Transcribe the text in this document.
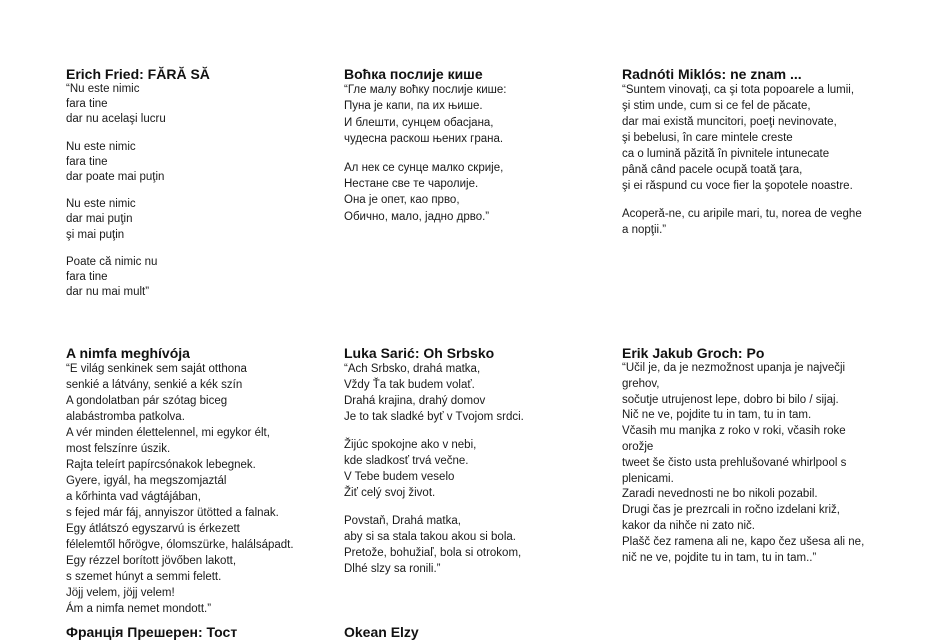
Erich Fried: FĂRĂ SĂ
“Nu este nimic
fara tine
dar nu acelaşi lucru
Nu este nimic
fara tine
dar poate mai puţin
Nu este nimic
dar mai puţin
şi mai puţin
Poate că nimic nu
fara tine
dar nu mai mult”
Воћка послије кише
“Гле малу воћку послије кише:
Пуна је капи, па их њише.
И блешти, сунцем обасјана,
чудесна раскош њених грана.
Ал нек се сунце малко скрије,
Нестане све те чаролије.
Она је опет, као прво,
Обично, мало, јадно дрво.”
Radnóti Miklós: ne znam ...
“Suntem vinovaţi, ca şi tota popoarele a lumii,
şi stim unde, cum si ce fel de păcate,
dar mai există muncitori, poeţi nevinovate,
şi bebelusi, în care mintele creste
ca o lumină păzită în pivnitele intunecate
până când pacele ocupă toată ţara,
şi ei răspund cu voce fier la şopotele noastre.
Acoperă-ne, cu aripile mari, tu, norea de veghe
a nopţii.”
A nimfa meghívója
“E világ senkinek sem saját otthona
senkié a látvány, senkié a kék szín
A gondolatban pár szótag biceg
alabástromba patkolva.
A vér minden élettelennel, mi egykor élt,
most felszínre úszik.
Rajta teleírt papírcsónakok lebegnek.
Gyere, igyál, ha megszomjaztál
a kőrhinta vad vágtájában,
s fejed már fáj, annyiszor ütötted a falnak.
Egy átlátszó egyszarvú is érkezett
félelemtől hőrögve, ólomszürke, halálsápadt.
Egy rézzel borított jövőben lakott,
s szemet húnyt a semmi felett.
Jöjj velem, jöjj velem!
Ám a nimfa nemet mondott.”
Luka Sarić: Oh Srbsko
“Ach Srbsko, drahá matka,
Vždy Ťa tak budem volať.
Drahá krajina, drahý domov
Je to tak sladké byť v Tvojom srdci.
Žijúc spokojne ako v nebi,
kde sladkosť trvá večne.
V Tebe budem veselo
Žiť celý svoj život.
Povstaň, Drahá matka,
aby si sa stala takou akou si bola.
Pretože, bohužiaľ, bola si otrokom,
Dlhé slzy sa ronili.”
Erik Jakub Groch: Po
“Učil je, da je nezmožnost upanja je največji
grehov,
sočutje utrujenost lepe, dobro bi bilo / sijaj.
Nič ne ve, pojdite tu in tam, tu in tam.
Včasih mu manjka z roko v roki, včasih roke
orožje
tweet še čisto usta prehlušované whirlpool s
plenicami.
Zaradi nevednosti ne bo nikoli pozabil.
Drugi čas je prezrcali in ročno izdelani križ,
kakor da nihče ni zato nič.
Plašč čez ramena ali ne, kapo čez ušesa ali ne,
nič ne ve, pojdite tu in tam, tu in tam..”
Франція Прешерен: Тост	Okean Elzy
